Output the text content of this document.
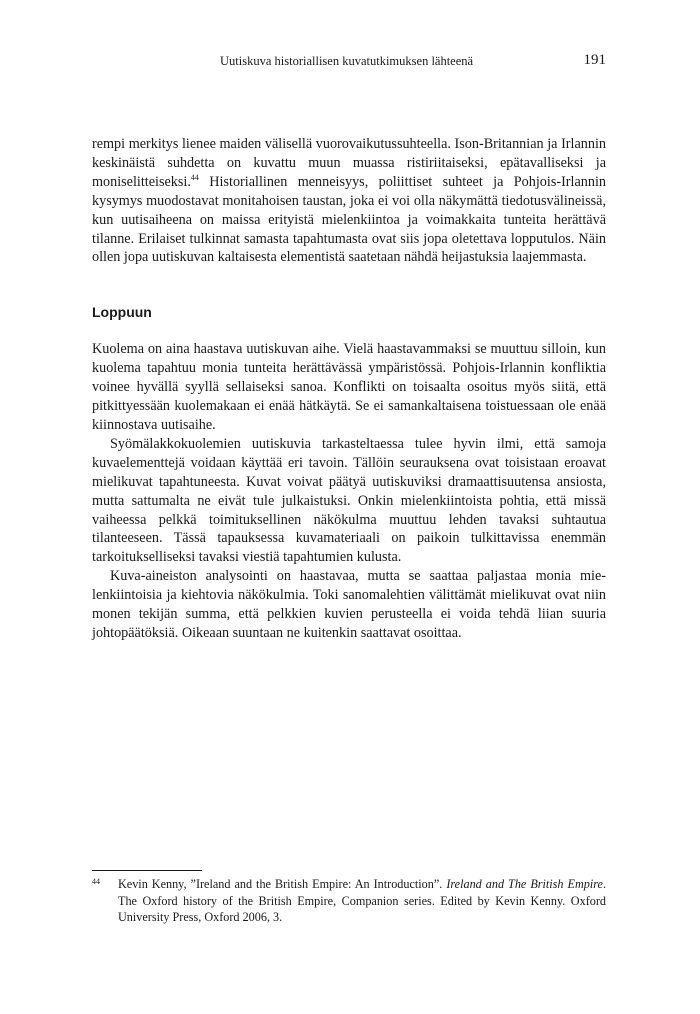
Uutiskuva historiallisen kuvatutkimuksen lähteenä	191

rempi merkitys lienee maiden välisellä vuorovaikutussuhteella. Ison-Britannian ja Irlannin keskinäistä suhdetta on kuvattu muun muassa ristiriitaiseksi, epätavalliseksi ja moniselitteiseksi.$^{44}$ Historiallinen menneisyys, poliittiset suhteet ja Pohjois-Irlannin kysymys muodostavat monitahoisen taustan, joka ei voi olla näkymättä tiedotusvälineissä, kun uutisaiheena on maissa erityistä mielenkiintoa ja voimakkaita tunteita herättävä tilanne. Erilaiset tulkinnat samasta tapahtumasta ovat siis jopa oletettava lopputulos. Näin ollen jopa uutiskuvan kaltaisesta elementistä saatetaan nähdä heijastuksia laajemmasta.

Loppuun

Kuolema on aina haastava uutiskuvan aihe. Vielä haastavammaksi se muuttuu silloin, kun kuolema tapahtuu monia tunteita herättävässä ympäristössä. Pohjois-Irlannin konfliktia voinee hyvällä syyllä sellaiseksi sanoa. Konflikti on toisaalta osoitus myös siitä, että pitkittyessään kuolemakaan ei enää hätkäytä. Se ei samankaltaisena toistuessaan ole enää kiinnostava uutisaihe.

Syömälakkokuolemien uutiskuvia tarkasteltaessa tulee hyvin ilmi, että samoja kuvaelementtejä voidaan käyttää eri tavoin. Tällöin seurauksena ovat toisistaan eroavat mielikuvat tapahtuneesta. Kuvat voivat päätyä uutiskuviksi dramaattisuutensa ansiosta, mutta sattumalta ne eivät tule julkaistuksi. Onkin mielenkiintoista pohtia, että missä vaiheessa pelkkä toimituksellinen näkökulma muuttuu lehden tavaksi suhtautua tilanteeseen. Tässä tapauksessa kuvamateriaali on paikoin tulkittavissa enemmän tarkoitukselliseksi tavaksi viestiä tapahtumien kulusta.

Kuva-aineiston analysointi on haastavaa, mutta se saattaa paljastaa monia mielenkiintoisia ja kiehtovia näkökulmia. Toki sanomalehtien välittämät mielikuvat ovat niin monen tekijän summa, että pelkkien kuvien perusteella ei voida tehdä liian suuria johtopäätöksiä. Oikeaan suuntaan ne kuitenkin saattavat osoittaa.

44 Kevin Kenny, ”Ireland and the British Empire: An Introduction”. Ireland and The British Empire. The Oxford history of the British Empire, Companion series. Edited by Kevin Kenny. Oxford University Press, Oxford 2006, 3.
